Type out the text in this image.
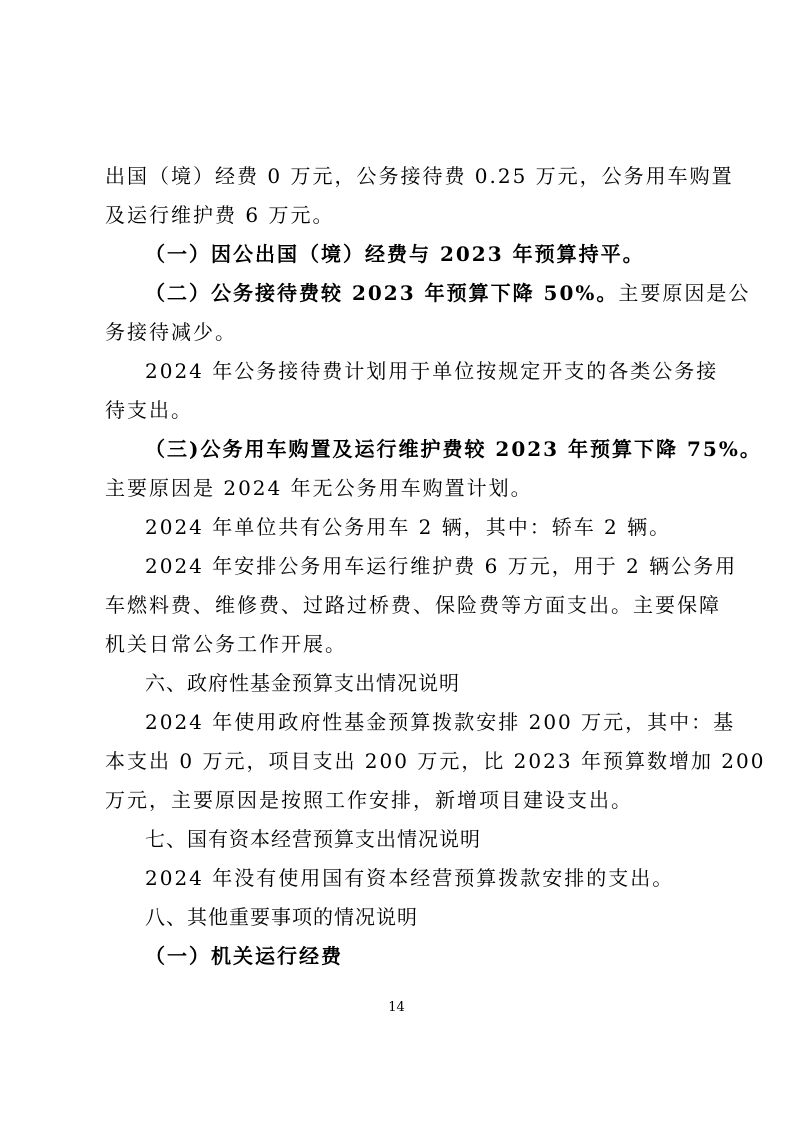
出国（境）经费 0 万元，公务接待费 0.25 万元，公务用车购置
及运行维护费 6 万元。
（一）因公出国（境）经费与 2023 年预算持平。
（二）公务接待费较 2023 年预算下降 50%。主要原因是公
务接待减少。
2024 年公务接待费计划用于单位按规定开支的各类公务接
待支出。
（三)公务用车购置及运行维护费较 2023 年预算下降 75%。
主要原因是 2024 年无公务用车购置计划。
2024 年单位共有公务用车 2 辆，其中：轿车 2 辆。
2024 年安排公务用车运行维护费 6 万元，用于 2 辆公务用
车燃料费、维修费、过路过桥费、保险费等方面支出。主要保障
机关日常公务工作开展。
六、政府性基金预算支出情况说明
2024 年使用政府性基金预算拨款安排 200 万元，其中：基
本支出 0 万元，项目支出 200 万元，比 2023 年预算数增加 200
万元，主要原因是按照工作安排，新增项目建设支出。
七、国有资本经营预算支出情况说明
2024 年没有使用国有资本经营预算拨款安排的支出。
八、其他重要事项的情况说明
（一）机关运行经费
14
